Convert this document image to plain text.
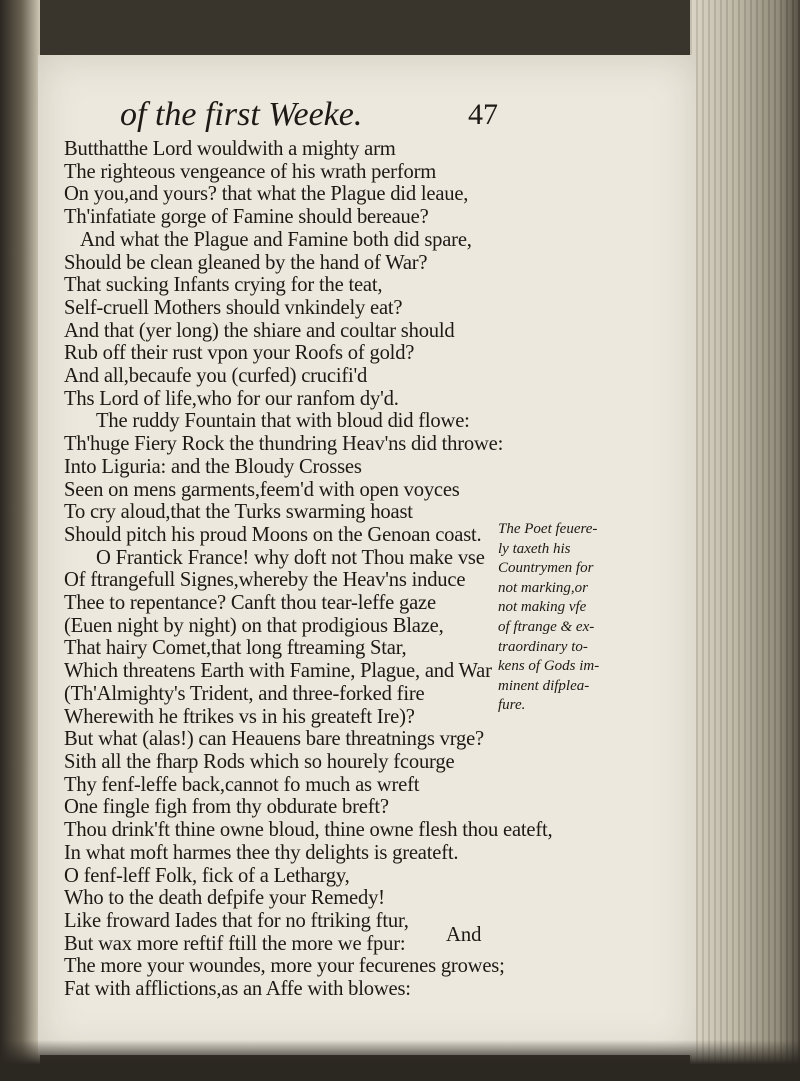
of the first Weeke.	47
Butthatthe Lord wouldwith a mighty arm
The righteous vengeance of his wrath perform
On you,and yours? that what the Plague did leaue,
Th'infatiate gorge of Famine should bereaue?
And what the Plague and Famine both did spare,
Should be clean gleaned by the hand of War?
That sucking Infants crying for the teat,
Self-cruell Mothers should vnkindely eat?
And that (yer long) the shiare and coultar should
Rub off their rust vpon your Roofs of gold?
And all,becaufe you (curfed) crucifi'd
Ths Lord of life,who for our ranfom dy'd.
The ruddy Fountain that with bloud did flowe:
Th'huge Fiery Rock the thundring Heav'ns did throwe:
Into Liguria: and the Bloudy Crosses
Seen on mens garments,feem'd with open voyces
To cry aloud,that the Turks swarming hoast
Should pitch his proud Moons on the Genoan coast.
O Frantick France! why doft not Thou make vse
Of ftrangefull Signes,whereby the Heav'ns induce
Thee to repentance? Canft thou tear-leffe gaze
(Euen night by night) on that prodigious Blaze,
That hairy Comet,that long ftreaming Star,
Which threatens Earth with Famine, Plague, and War
(Th'Almighty's Trident, and three-forked fire
Wherewith he ftrikes vs in his greateft Ire)?
But what (alas!) can Heauens bare threatnings vrge?
Sith all the fharp Rods which so hourely fcourge
Thy fenf-leffe back,cannot fo much as wreft
One fingle figh from thy obdurate breft?
Thou drink'ft thine owne bloud, thine owne flesh thou eateft,
In what moft harmes thee thy delights is greateft.
O fenf-leff Folk, fick of a Lethargy,
Who to the death defpife your Remedy!
Like froward Iades that for no ftriking ftur,
But wax more reftif ftill the more we fpur:
The more your woundes, more your fecurenes growes;
Fat with afflictions,as an Affe with blowes:
The Poet feuere-
ly taxeth his
Countrymen for
not marking,or
not making vfe
of ftrange & ex-
traordinary to-
kens of Gods im-
minent difplea-
fure.
And
